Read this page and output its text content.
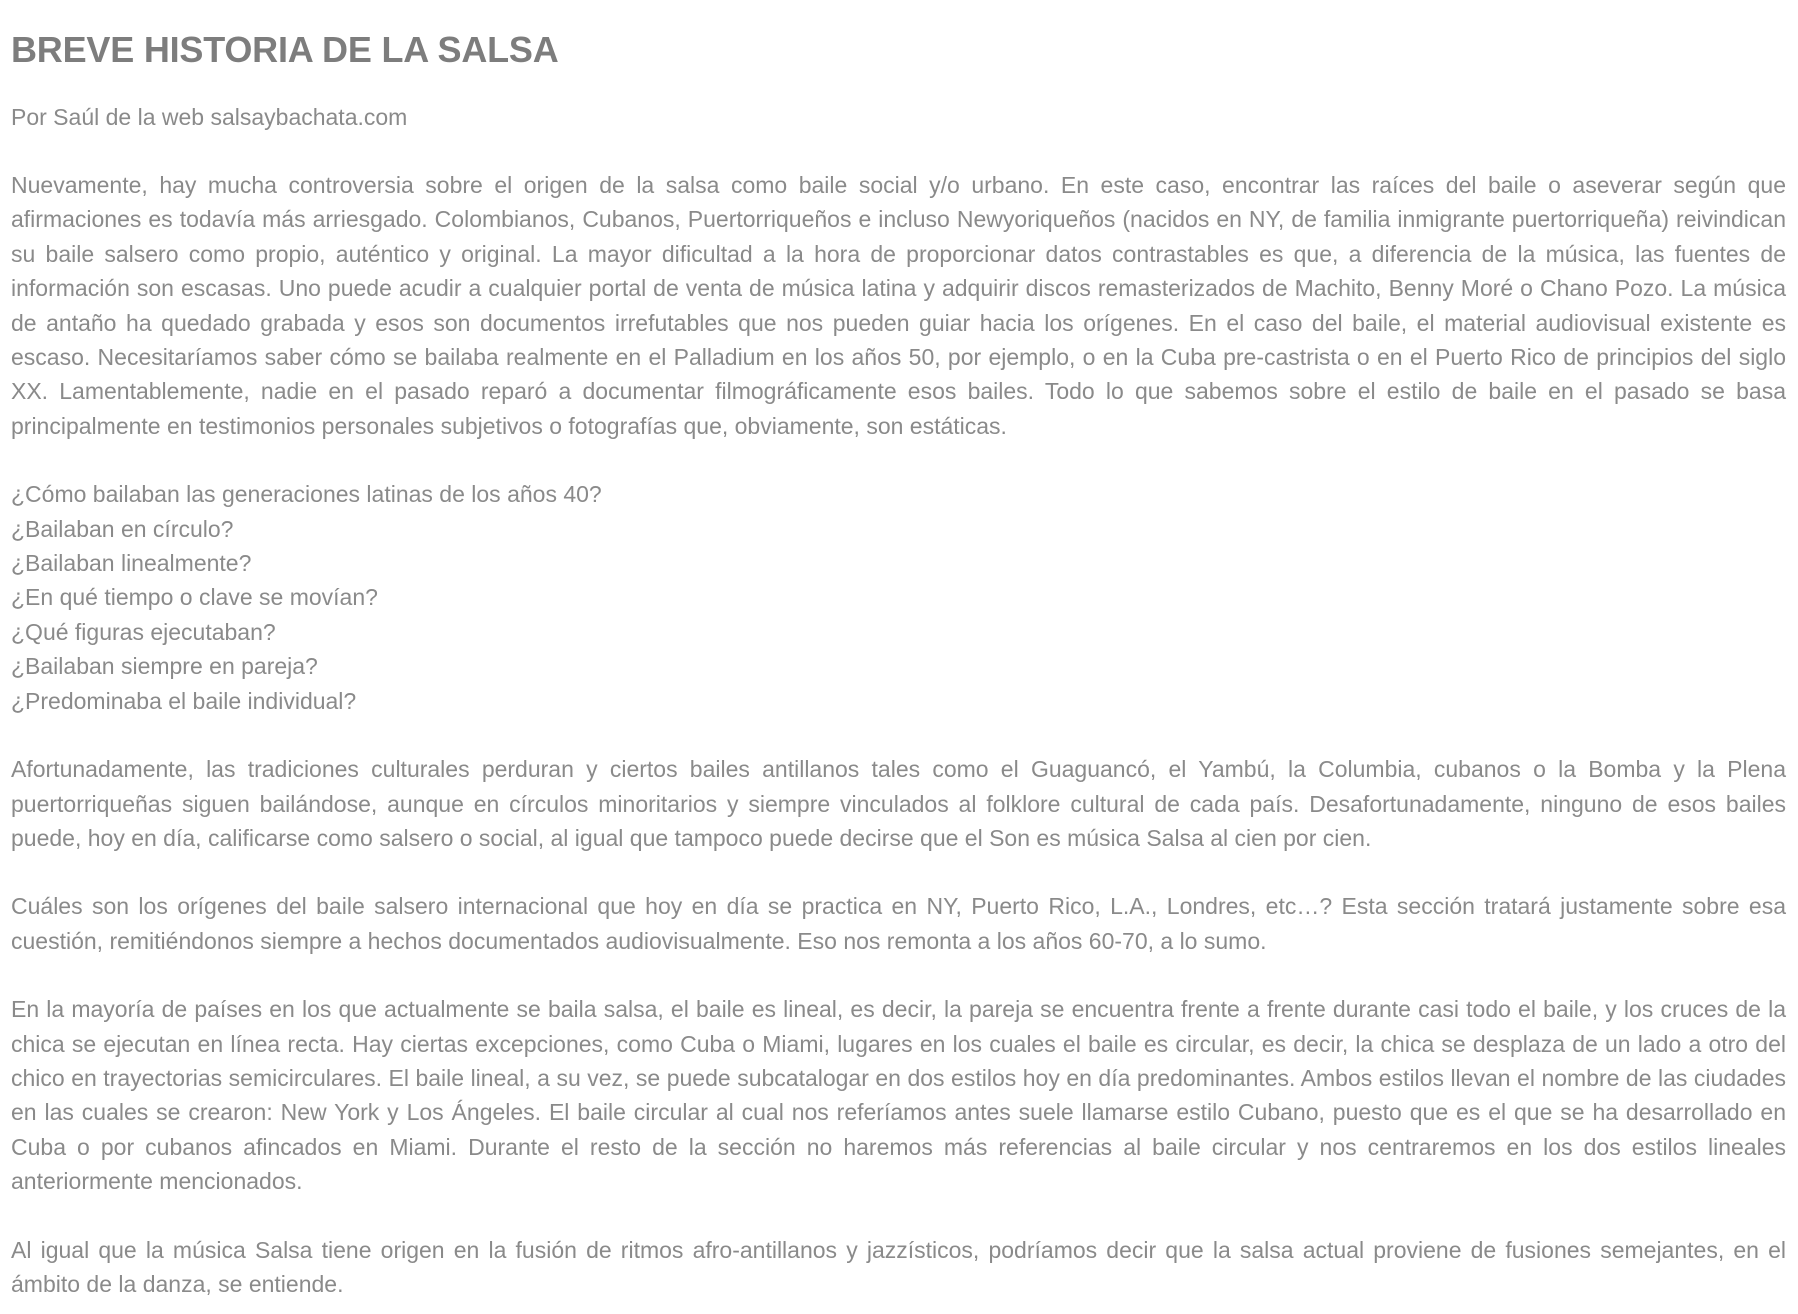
BREVE HISTORIA DE LA SALSA

Por Saúl de la web salsaybachata.com

Nuevamente, hay mucha controversia sobre el origen de la salsa como baile social y/o urbano. En este caso, encontrar las raíces del baile o aseverar según que afirmaciones es todavía más arriesgado. Colombianos, Cubanos, Puertorriqueños e incluso Newyoriqueños (nacidos en NY, de familia inmigrante puertorriqueña) reivindican su baile salsero como propio, auténtico y original. La mayor dificultad a la hora de proporcionar datos contrastables es que, a diferencia de la música, las fuentes de información son escasas. Uno puede acudir a cualquier portal de venta de música latina y adquirir discos remasterizados de Machito, Benny Moré o Chano Pozo. La música de antaño ha quedado grabada y esos son documentos irrefutables que nos pueden guiar hacia los orígenes. En el caso del baile, el material audiovisual existente es escaso. Necesitaríamos saber cómo se bailaba realmente en el Palladium en los años 50, por ejemplo, o en la Cuba pre-castrista o en el Puerto Rico de principios del siglo XX. Lamentablemente, nadie en el pasado reparó a documentar filmográficamente esos bailes. Todo lo que sabemos sobre el estilo de baile en el pasado se basa principalmente en testimonios personales subjetivos o fotografías que, obviamente, son estáticas.

¿Cómo bailaban las generaciones latinas de los años 40?
¿Bailaban en círculo?
¿Bailaban linealmente?
¿En qué tiempo o clave se movían?
¿Qué figuras ejecutaban?
¿Bailaban siempre en pareja?
¿Predominaba el baile individual?

Afortunadamente, las tradiciones culturales perduran y ciertos bailes antillanos tales como el Guaguancó, el Yambú, la Columbia, cubanos o la Bomba y la Plena puertorriqueñas siguen bailándose, aunque en círculos minoritarios y siempre vinculados al folklore cultural de cada país. Desafortunadamente, ninguno de esos bailes puede, hoy en día, calificarse como salsero o social, al igual que tampoco puede decirse que el Son es música Salsa al cien por cien.

Cuáles son los orígenes del baile salsero internacional que hoy en día se practica en NY, Puerto Rico, L.A., Londres, etc…? Esta sección tratará justamente sobre esa cuestión, remitiéndonos siempre a hechos documentados audiovisualmente. Eso nos remonta a los años 60-70, a lo sumo.

En la mayoría de países en los que actualmente se baila salsa, el baile es lineal, es decir, la pareja se encuentra frente a frente durante casi todo el baile, y los cruces de la chica se ejecutan en línea recta. Hay ciertas excepciones, como Cuba o Miami, lugares en los cuales el baile es circular, es decir, la chica se desplaza de un lado a otro del chico en trayectorias semicirculares. El baile lineal, a su vez, se puede subcatalogar en dos estilos hoy en día predominantes. Ambos estilos llevan el nombre de las ciudades en las cuales se crearon: New York y Los Ángeles. El baile circular al cual nos referíamos antes suele llamarse estilo Cubano, puesto que es el que se ha desarrollado en Cuba o por cubanos afincados en Miami. Durante el resto de la sección no haremos más referencias al baile circular y nos centraremos en los dos estilos lineales anteriormente mencionados.

Al igual que la música Salsa tiene origen en la fusión de ritmos afro-antillanos y jazzísticos, podríamos decir que la salsa actual proviene de fusiones semejantes, en el ámbito de la danza, se entiende.
